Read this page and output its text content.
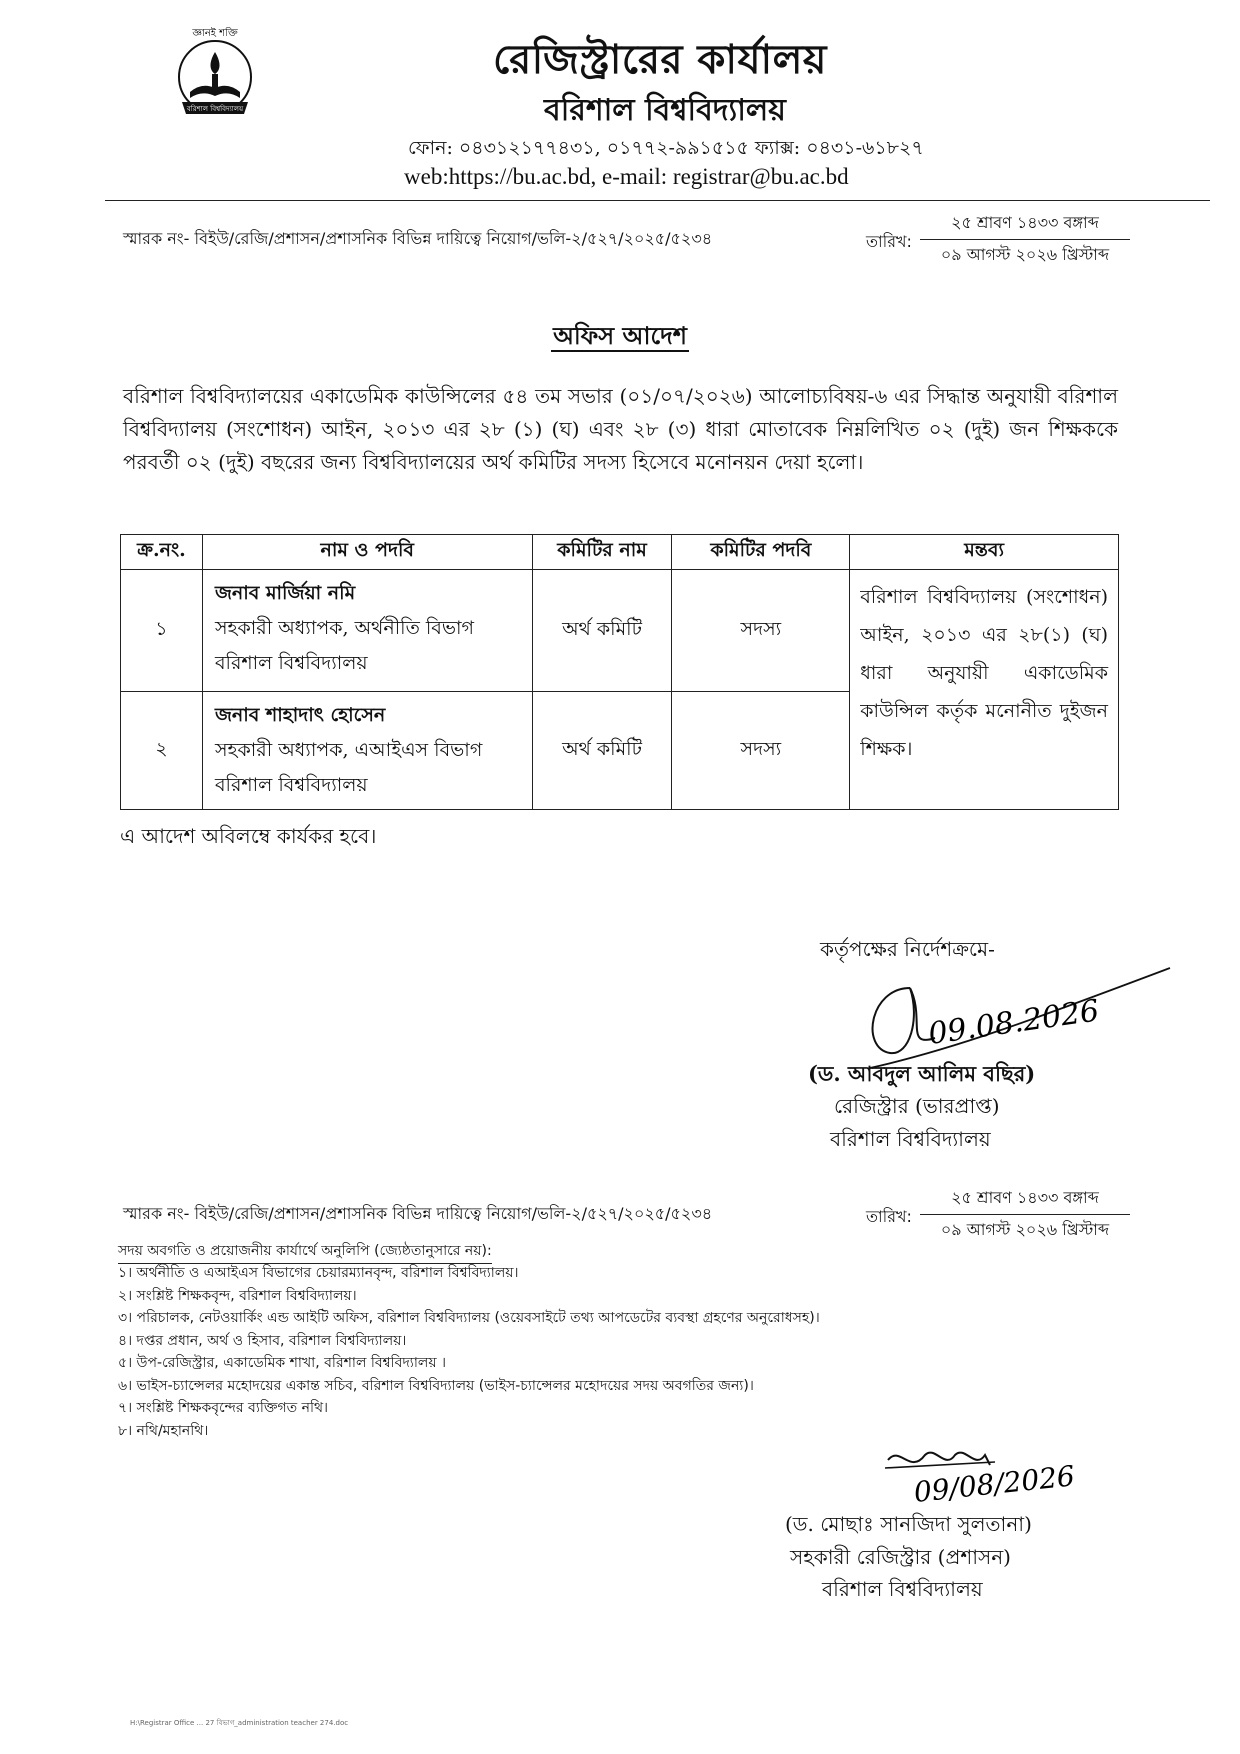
জ্ঞানই শক্তি
বরিশাল বিশ্ববিদ্যালয়
রেজিস্ট্রারের কার্যালয়
বরিশাল বিশ্ববিদ্যালয়
ফোন: ০৪৩১২১৭৭৪৩১, ০১৭৭২-৯৯১৫১৫ ফ্যাক্স: ০৪৩১-৬১৮২৭
web:https://bu.ac.bd, e-mail: registrar@bu.ac.bd
স্মারক নং- বিইউ/রেজি/প্রশাসন/প্রশাসনিক বিভিন্ন দায়িত্বে নিয়োগ/ভলি-২/৫২৭/২০২৫/৫২৩৪	তারিখ:
২৫ শ্রাবণ ১৪৩৩ বঙ্গাব্দ
০৯ আগস্ট ২০২৬ খ্রিস্টাব্দ
অফিস আদেশ
বরিশাল বিশ্ববিদ্যালয়ের একাডেমিক কাউন্সিলের ৫৪ তম সভার (০১/০৭/২০২৬) আলোচ্যবিষয়-৬ এর সিদ্ধান্ত অনুযায়ী বরিশাল বিশ্ববিদ্যালয় (সংশোধন) আইন, ২০১৩ এর ২৮ (১) (ঘ) এবং ২৮ (৩) ধারা মোতাবেক নিম্নলিখিত ০২ (দুই) জন শিক্ষককে পরবর্তী ০২ (দুই) বছরের জন্য বিশ্ববিদ্যালয়ের অর্থ কমিটির সদস্য হিসেবে মনোনয়ন দেয়া হলো।
ক্র.নং.	নাম ও পদবি	কমিটির নাম	কমিটির পদবি	মন্তব্য
১	জনাব মার্জিয়া নমি
সহকারী অধ্যাপক, অর্থনীতি বিভাগ
বরিশাল বিশ্ববিদ্যালয়	অর্থ কমিটি	সদস্য	বরিশাল বিশ্ববিদ্যালয় (সংশোধন) আইন, ২০১৩ এর ২৮(১) (ঘ) ধারা অনুযায়ী একাডেমিক কাউন্সিল কর্তৃক মনোনীত দুইজন শিক্ষক।
২	জনাব শাহাদাৎ হোসেন
সহকারী অধ্যাপক, এআইএস বিভাগ
বরিশাল বিশ্ববিদ্যালয়	অর্থ কমিটি	সদস্য	
এ আদেশ অবিলম্বে কার্যকর হবে।
কর্তৃপক্ষের নির্দেশক্রমে-
09.08.2026
(ড. আবদুল আলিম বছির)
রেজিস্ট্রার (ভারপ্রাপ্ত)
বরিশাল বিশ্ববিদ্যালয়
স্মারক নং- বিইউ/রেজি/প্রশাসন/প্রশাসনিক বিভিন্ন দায়িত্বে নিয়োগ/ভলি-২/৫২৭/২০২৫/৫২৩৪	তারিখ:
২৫ শ্রাবণ ১৪৩৩ বঙ্গাব্দ
০৯ আগস্ট ২০২৬ খ্রিস্টাব্দ
সদয় অবগতি ও প্রয়োজনীয় কার্যার্থে অনুলিপি (জ্যেষ্ঠতানুসারে নয়):
১। অর্থনীতি ও এআইএস বিভাগের চেয়ারম্যানবৃন্দ, বরিশাল বিশ্ববিদ্যালয়।
২। সংশ্লিষ্ট শিক্ষকবৃন্দ, বরিশাল বিশ্ববিদ্যালয়।
৩। পরিচালক, নেটওয়ার্কিং এন্ড আইটি অফিস, বরিশাল বিশ্ববিদ্যালয় (ওয়েবসাইটে তথ্য আপডেটের ব্যবস্থা গ্রহণের অনুরোধসহ)।
৪। দপ্তর প্রধান, অর্থ ও হিসাব, বরিশাল বিশ্ববিদ্যালয়।
৫। উপ-রেজিস্ট্রার, একাডেমিক শাখা, বরিশাল বিশ্ববিদ্যালয় ।
৬। ভাইস-চ্যান্সেলর মহোদয়ের একান্ত সচিব, বরিশাল বিশ্ববিদ্যালয় (ভাইস-চ্যান্সেলর মহোদয়ের সদয় অবগতির জন্য)।
৭। সংশ্লিষ্ট শিক্ষকবৃন্দের ব্যক্তিগত নথি।
৮। নথি/মহানথি।
09/08/2026
(ড. মোছাঃ সানজিদা সুলতানা)
সহকারী রেজিস্ট্রার (প্রশাসন)
বরিশাল বিশ্ববিদ্যালয়
H:\Registrar Office ... 27 বিভাগ_administration teacher 274.doc
